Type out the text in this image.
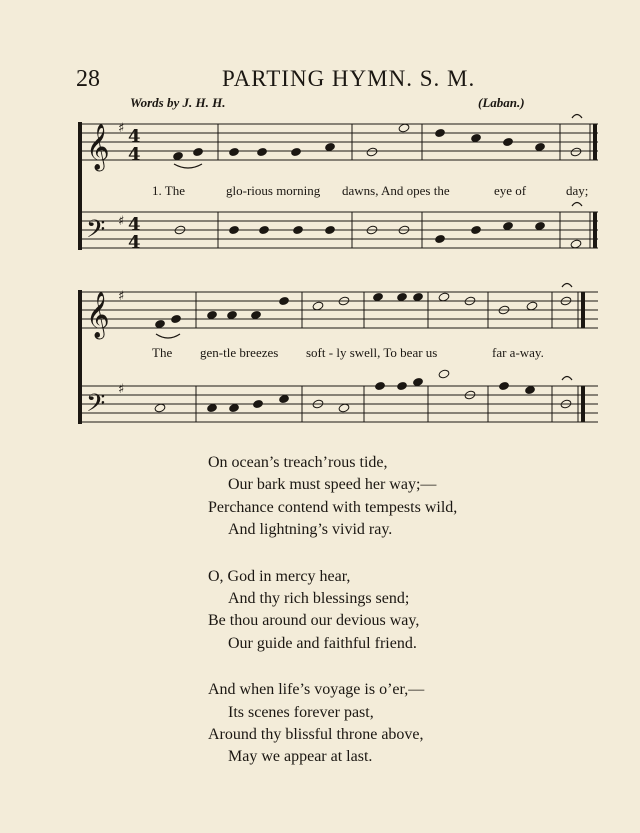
28	PARTING HYMN. S. M.
Words by J. H. H.	(Laban.)
𝄞
𝄢
𝄞
𝄢
♯
♯
♯
♯
4
4
4
4
1. The	glo-rious morning dawns, And opes the	eye of	day;
The gen-tle breezes soft - ly swell, To bear us	far a-way.
On ocean’s treach’rous tide,
Our bark must speed her way;—
Perchance contend with tempests wild,
And lightning’s vivid ray.
O, God in mercy hear,
And thy rich blessings send;
Be thou around our devious way,
Our guide and faithful friend.
And when life’s voyage is o’er,—
Its scenes forever past,
Around thy blissful throne above,
May we appear at last.
